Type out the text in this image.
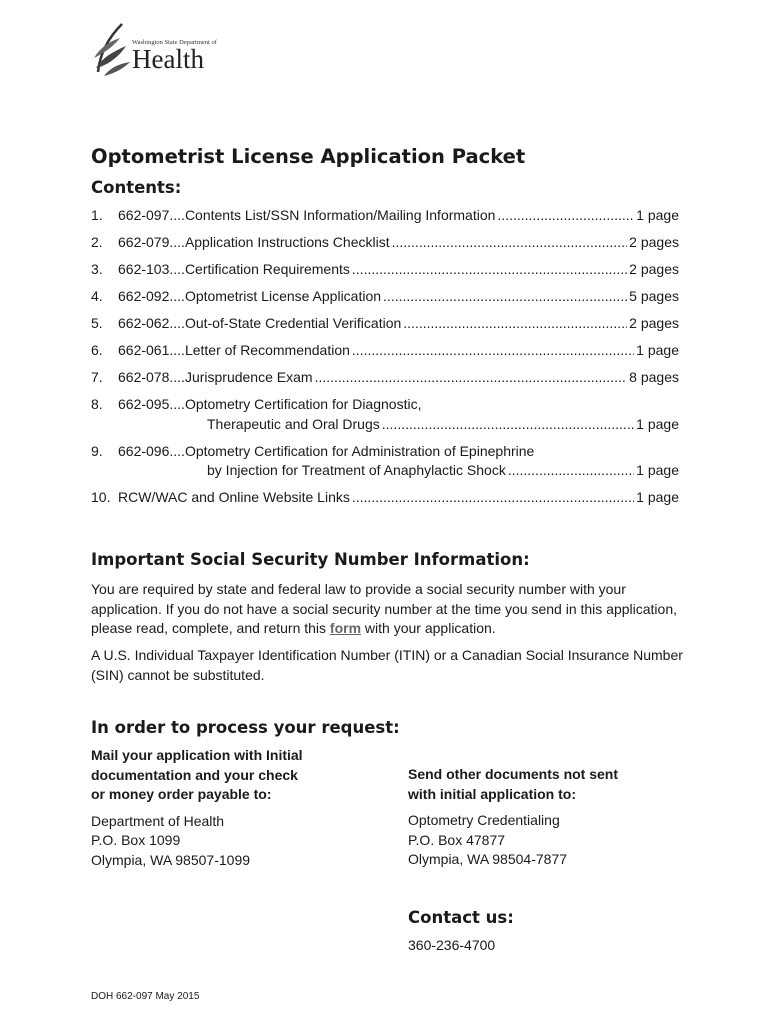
Washington State Department of
Health
Optometrist License Application Packet
Contents:
1.	662-097....Contents List/SSN Information/Mailing Information .....	1 page
2.	662-079....Application Instructions Checklist .....	2 pages
3.	662-103....Certification Requirements .....	2 pages
4.	662-092....Optometrist License Application .....	5 pages
5.	662-062....Out-of-State Credential Verification .....	2 pages
6.	662-061....Letter of Recommendation .....	1 page
7.	662-078....Jurisprudence Exam .....	8 pages
8.	662-095....Optometry Certification for Diagnostic,
Therapeutic and Oral Drugs .....	1 page
9.	662-096....Optometry Certification for Administration of Epinephrine
by Injection for Treatment of Anaphylactic Shock .....	1 page
10. RCW/WAC and Online Website Links .....	1 page
Important Social Security Number Information:

You are required by state and federal law to provide a social security number with your application. If you do not have a social security number at the time you send in this application, please read, complete, and return this form with your application.

A U.S. Individual Taxpayer Identification Number (ITIN) or a Canadian Social Insurance Number (SIN) cannot be substituted.

In order to process your request:

Mail your application with Initial
documentation and your check
or money order payable to:

Department of Health
P.O. Box 1099
Olympia, WA 98507-1099

Send other documents not sent
with initial application to:

Optometry Credentialing
P.O. Box 47877
Olympia, WA 98504-7877

Contact us:
360-236-4700
DOH 662-097 May 2015
